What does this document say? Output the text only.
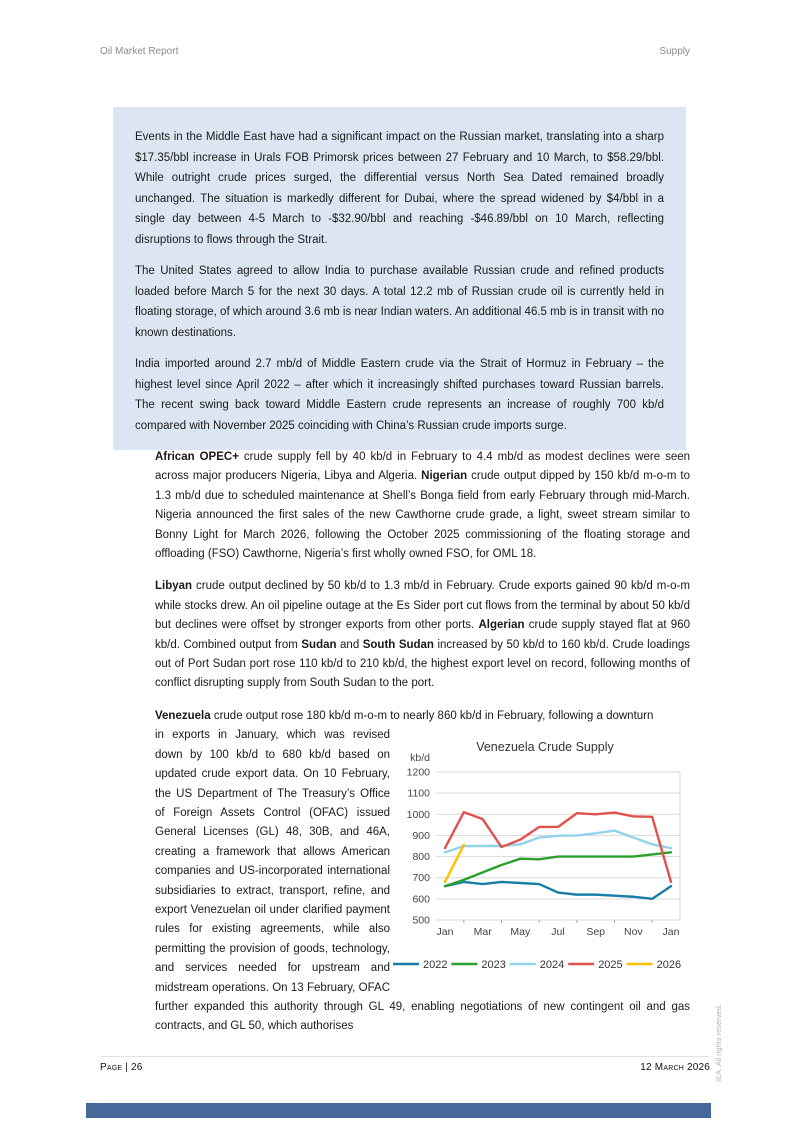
Oil Market Report	Supply

Events in the Middle East have had a significant impact on the Russian market, translating into a sharp $17.35/bbl increase in Urals FOB Primorsk prices between 27 February and 10 March, to $58.29/bbl. While outright crude prices surged, the differential versus North Sea Dated remained broadly unchanged. The situation is markedly different for Dubai, where the spread widened by $4/bbl in a single day between 4-5 March to -$32.90/bbl and reaching -$46.89/bbl on 10 March, reflecting disruptions to flows through the Strait.

The United States agreed to allow India to purchase available Russian crude and refined products loaded before March 5 for the next 30 days. A total 12.2 mb of Russian crude oil is currently held in floating storage, of which around 3.6 mb is near Indian waters. An additional 46.5 mb is in transit with no known destinations.

India imported around 2.7 mb/d of Middle Eastern crude via the Strait of Hormuz in February – the highest level since April 2022 – after which it increasingly shifted purchases toward Russian barrels. The recent swing back toward Middle Eastern crude represents an increase of roughly 700 kb/d compared with November 2025 coinciding with China’s Russian crude imports surge.

African OPEC+ crude supply fell by 40 kb/d in February to 4.4 mb/d as modest declines were seen across major producers Nigeria, Libya and Algeria. Nigerian crude output dipped by 150 kb/d m-o-m to 1.3 mb/d due to scheduled maintenance at Shell’s Bonga field from early February through mid-March. Nigeria announced the first sales of the new Cawthorne crude grade, a light, sweet stream similar to Bonny Light for March 2026, following the October 2025 commissioning of the floating storage and offloading (FSO) Cawthorne, Nigeria’s first wholly owned FSO, for OML 18.

Libyan crude output declined by 50 kb/d to 1.3 mb/d in February. Crude exports gained 90 kb/d m-o-m while stocks drew. An oil pipeline outage at the Es Sider port cut flows from the terminal by about 50 kb/d but declines were offset by stronger exports from other ports. Algerian crude supply stayed flat at 960 kb/d. Combined output from Sudan and South Sudan increased by 50 kb/d to 160 kb/d. Crude loadings out of Port Sudan port rose 110 kb/d to 210 kb/d, the highest export level on record, following months of conflict disrupting supply from South Sudan to the port.

Venezuela crude output rose 180 kb/d m-o-m to nearly 860 kb/d in February, following a downturn

500
600
700
800
900
1000
1100
1200
Jan Mar May Jul Sep Nov Jan
Venezuela Crude Supply
kb/d
2022	2023	2024	2025	2026
in exports in January, which was revised down by 100 kb/d to 680 kb/d based on updated crude export data. On 10 February, the US Department of The Treasury’s Office of Foreign Assets Control (OFAC) issued General Licenses (GL) 48, 30B, and 46A, creating a framework that allows American companies and US-incorporated international subsidiaries to extract, transport, refine, and export Venezuelan oil under clarified payment rules for existing agreements, while also permitting the provision of goods, technology, and services needed for upstream and midstream operations. On 13 February, OFAC further expanded this authority through GL 49, enabling negotiations of new contingent oil and gas contracts, and GL 50, which authorises

Page | 26	12 March 2026 IEA. All rights reserved.
